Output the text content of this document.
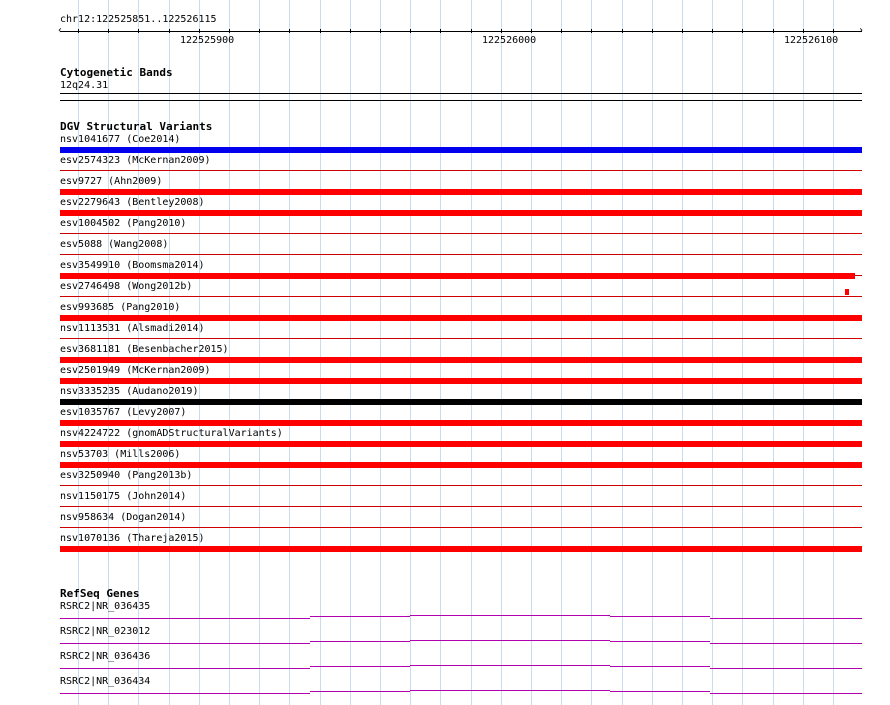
chr12:122525851..122526115
‹	›
122525900	122526000	122526100
Cytogenetic Bands
12q24.31
DGV Structural Variants
nsv1041677 (Coe2014)
esv2574323 (McKernan2009)
esv9727 (Ahn2009)
esv2279643 (Bentley2008)
esv1004502 (Pang2010)
esv5088 (Wang2008)
esv3549910 (Boomsma2014)
esv2746498 (Wong2012b)
esv993685 (Pang2010)
nsv1113531 (Alsmadi2014)
esv3681181 (Besenbacher2015)
esv2501949 (McKernan2009)
nsv3335235 (Audano2019)
esv1035767 (Levy2007)
nsv4224722 (gnomADStructuralVariants)
nsv53703 (Mills2006)
esv3250940 (Pang2013b)
nsv1150175 (John2014)
nsv958634 (Dogan2014)
nsv1070136 (Thareja2015)
RefSeq Genes
RSRC2|NR_036435
RSRC2|NR_023012
RSRC2|NR_036436
RSRC2|NR_036434
